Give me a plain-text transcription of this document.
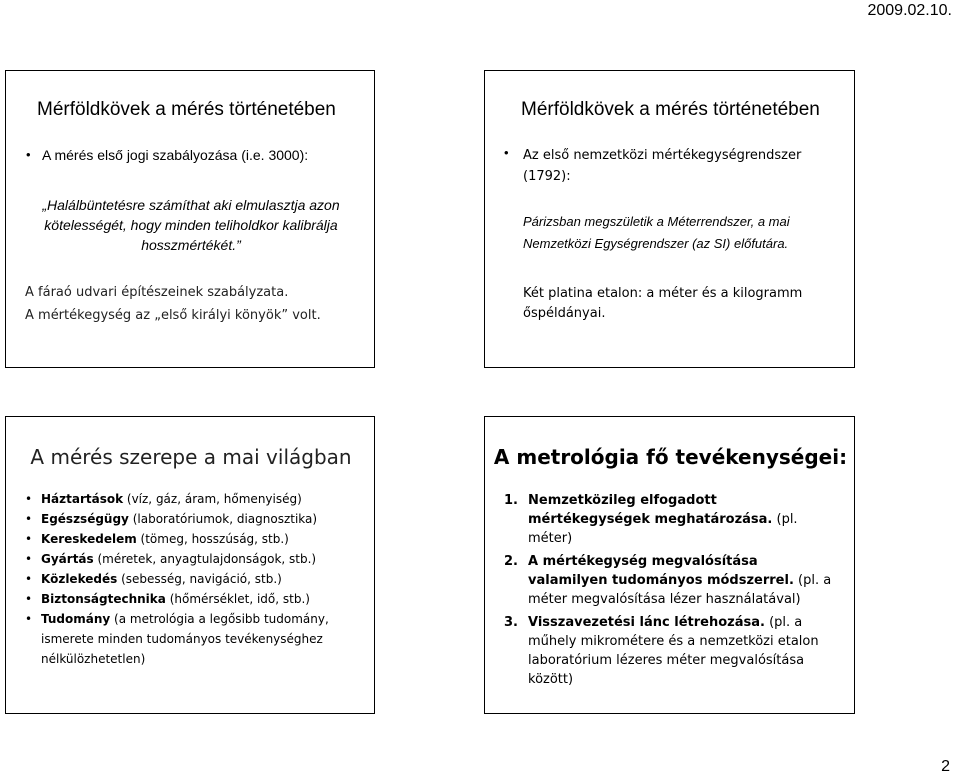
2009.02.10.
Mérföldkövek a mérés történetében
• A mérés első jogi szabályozása (i.e. 3000):
„Halálbüntetésre számíthat aki elmulasztja azon kötelességét, hogy minden teliholdkor kalibrálja hosszmértékét.”
A fáraó udvari építészeinek szabályzata.
A mértékegység az „első királyi könyök” volt.
Mérföldkövek a mérés történetében
• Az első nemzetközi mértékegységrendszer (1792):
Párizsban megszületik a Méterrendszer, a mai Nemzetközi Egységrendszer (az SI) előfutára.
Két platina etalon: a méter és a kilogramm őspéldányai.
A mérés szerepe a mai világban
• Háztartások (víz, gáz, áram, hőmenyiség)
• Egészségügy (laboratóriumok, diagnosztika)
• Kereskedelem (tömeg, hosszúság, stb.)
• Gyártás (méretek, anyagtulajdonságok, stb.)
• Közlekedés (sebesség, navigáció, stb.)
• Biztonságtechnika (hőmérséklet, idő, stb.)
• Tudomány (a metrológia a legősibb tudomány, ismerete minden tudományos tevékenységhez nélkülözhetetlen)
A metrológia fő tevékenységei:
1. Nemzetközileg elfogadott mértékegységek meghatározása. (pl. méter)
2. A mértékegység megvalósítása valamilyen tudományos módszerrel. (pl. a méter megvalósítása lézer használatával)
3. Visszavezetési lánc létrehozása. (pl. a műhely mikrométere és a nemzetközi etalon laboratórium lézeres méter megvalósítása között)
2
